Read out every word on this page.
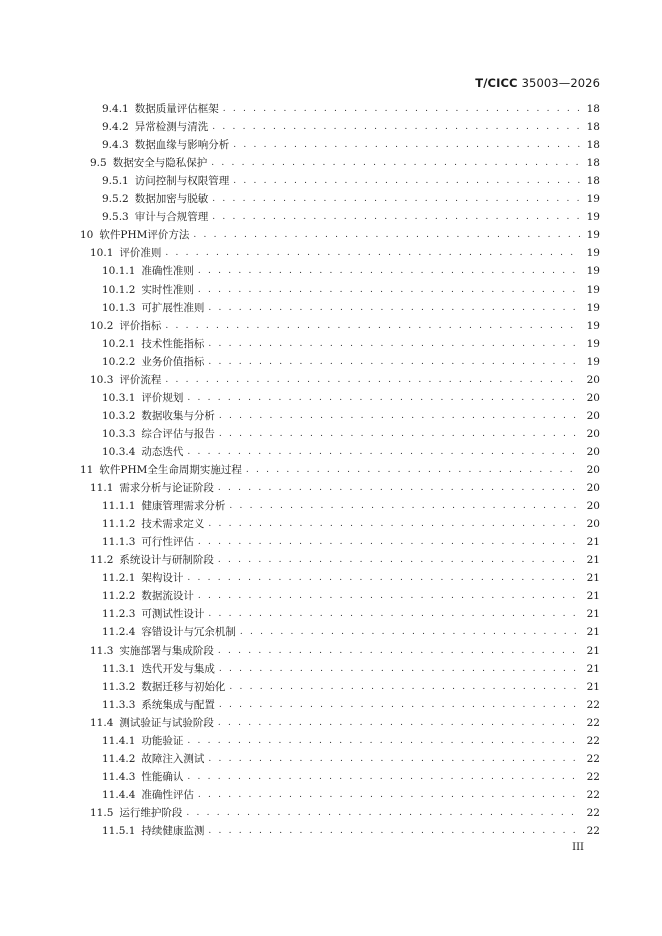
T/CICC 35003—2026
9.4.1 数据质量评估框架 . . .	18
9.4.2 异常检测与清洗 . . .	18
9.4.3 数据血缘与影响分析 . . .	18
9.5 数据安全与隐私保护 . . .	18
9.5.1 访问控制与权限管理 . . .	18
9.5.2 数据加密与脱敏 . . .	19
9.5.3 审计与合规管理 . . .	19
10 软件PHM评价方法 . . .	19
10.1 评价准则 . . .	19
10.1.1 准确性准则 . . .	19
10.1.2 实时性准则 . . .	19
10.1.3 可扩展性准则 . . .	19
10.2 评价指标 . . .	19
10.2.1 技术性能指标 . . .	19
10.2.2 业务价值指标 . . .	19
10.3 评价流程 . . .	20
10.3.1 评价规划 . . .	20
10.3.2 数据收集与分析 . . .	20
10.3.3 综合评估与报告 . . .	20
10.3.4 动态迭代 . . .	20
11 软件PHM全生命周期实施过程 . . .	20
11.1 需求分析与论证阶段 . . .	20
11.1.1 健康管理需求分析 . . .	20
11.1.2 技术需求定义 . . .	20
11.1.3 可行性评估 . . .	21
11.2 系统设计与研制阶段 . . .	21
11.2.1 架构设计 . . .	21
11.2.2 数据流设计 . . .	21
11.2.3 可测试性设计 . . .	21
11.2.4 容错设计与冗余机制 . . .	21
11.3 实施部署与集成阶段 . . .	21
11.3.1 迭代开发与集成 . . .	21
11.3.2 数据迁移与初始化 . . .	21
11.3.3 系统集成与配置 . . .	22
11.4 测试验证与试验阶段 . . .	22
11.4.1 功能验证 . . .	22
11.4.2 故障注入测试 . . .	22
11.4.3 性能确认 . . .	22
11.4.4 准确性评估 . . .	22
11.5 运行维护阶段 . . .	22
11.5.1 持续健康监测 . . .	22
III
